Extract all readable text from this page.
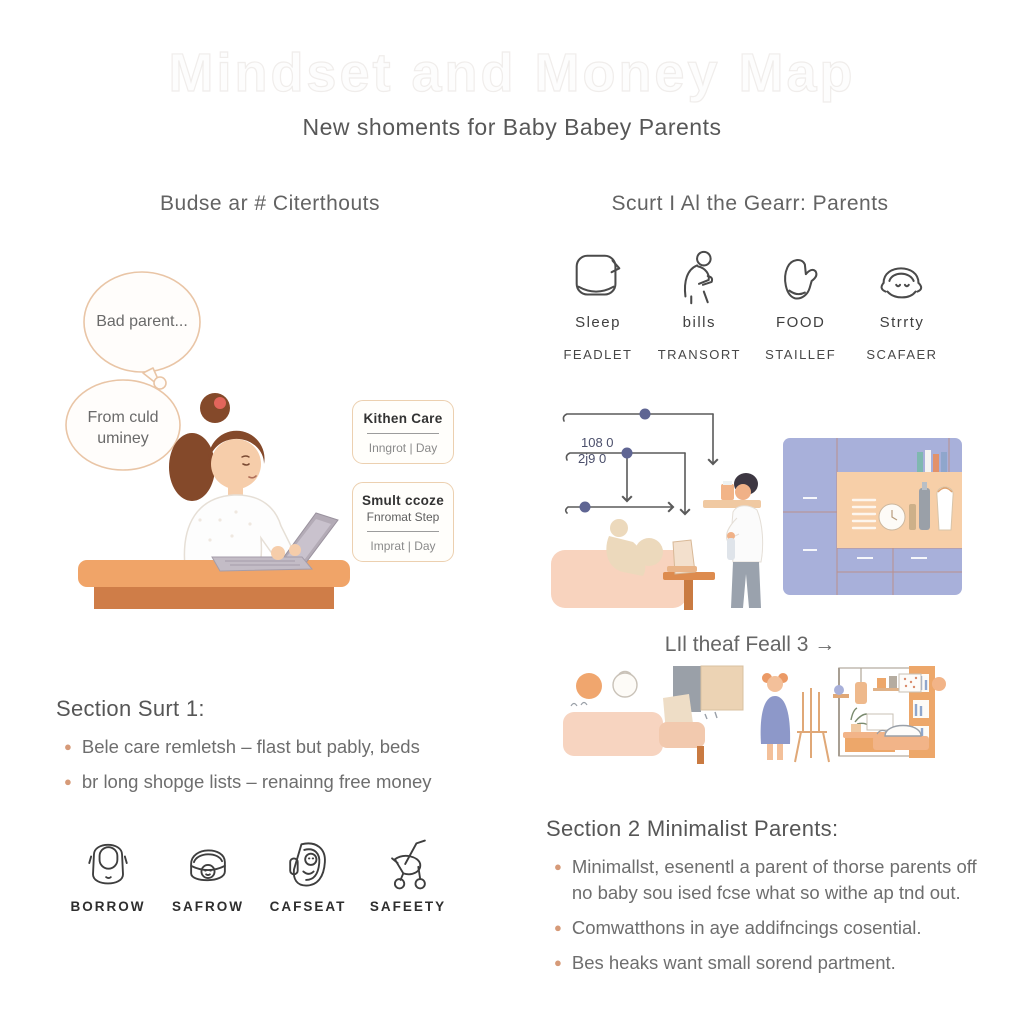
Mindset and Money Map
New shoments for Baby Babey Parents
Budse ar # Citerthouts	Scurt I Al the Gearr: Parents
Sleep
FEADLET
bills
TRANSORT
FOOD
STAILLEF
Strrty
SCAFAER
Bad parent...
From culd uminey
Kithen Care
Inngrot | Day
Smult ccoze
Fnromat Step
Imprat | Day
108 0
2j9 0
LIl theaf Feall 3 →
Section Surt 1:
● Bele care remletsh – flast but pably, beds
● br long shopge lists – renainng free money
BORROW	SAFROW	CAFSEAT	SAFEETY
Section 2 Minimalist Parents:
● Minimallst, esenentl a parent of thorse parents off no baby sou ised fcse what so withe ap tnd out.
● Comwatthons in aye addifncings cosential.
● Bes heaks want small sorend partment.
